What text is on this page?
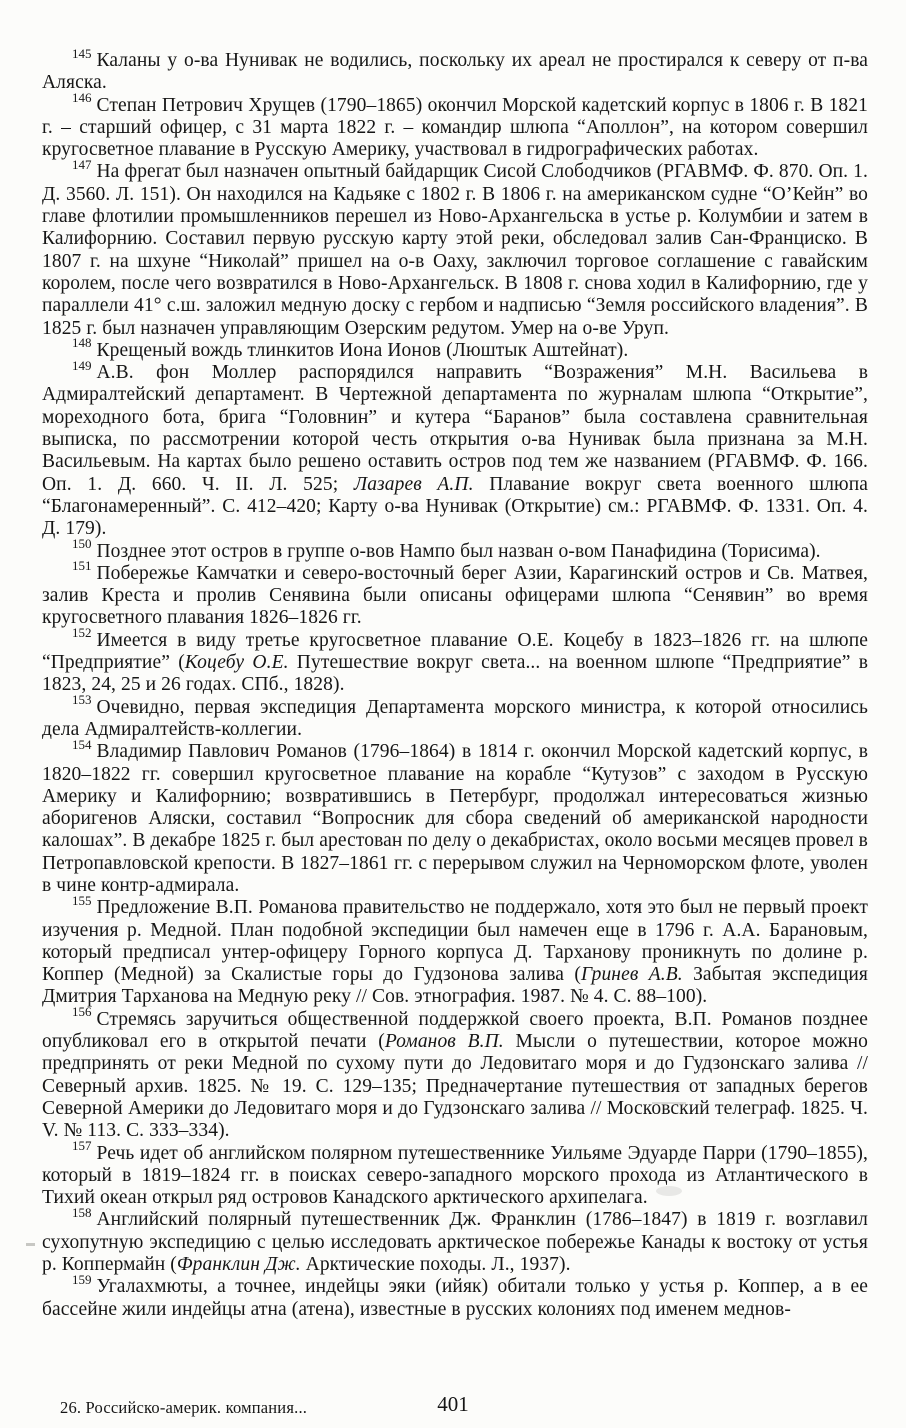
$^{145}$ Каланы у о-ва Нунивак не водились, поскольку их ареал не простирался к северу от п-ва Аляска.

$^{146}$ Степан Петрович Хрущев (1790–1865) окончил Морской кадетский корпус в 1806 г. В 1821 г. – старший офицер, с 31 марта 1822 г. – командир шлюпа “Аполлон”, на котором совершил кругосветное плавание в Русскую Америку, участвовал в гидрографических работах.

$^{147}$ На фрегат был назначен опытный байдарщик Сисой Слободчиков (РГАВМФ. Ф. 870. Оп. 1. Д. 3560. Л. 151). Он находился на Кадьяке с 1802 г. В 1806 г. на американском судне “О’Кейн” во главе флотилии промышленников перешел из Ново-Архангельска в устье р. Колумбии и затем в Калифорнию. Составил первую русскую карту этой реки, обследовал залив Сан-Франциско. В 1807 г. на шхуне “Николай” пришел на о-в Оаху, заключил торговое соглашение с гавайским королем, после чего возвратился в Ново-Архангельск. В 1808 г. снова ходил в Калифорнию, где у параллели 41° с.ш. заложил медную доску с гербом и надписью “Земля российского владения”. В 1825 г. был назначен управляющим Озерским редутом. Умер на о-ве Уруп.

$^{148}$ Крещеный вождь тлинкитов Иона Ионов (Люштык Аштейнат).

$^{149}$ А.В. фон Моллер распорядился направить “Возражения” М.Н. Васильева в Адмиралтейский департамент. В Чертежной департамента по журналам шлюпа “Открытие”, мореходного бота, брига “Головнин” и кутера “Баранов” была составлена сравнительная выписка, по рассмотрении которой честь открытия о-ва Нунивак была признана за М.Н. Васильевым. На картах было решено оставить остров под тем же названием (РГАВМФ. Ф. 166. Оп. 1. Д. 660. Ч. II. Л. 525; Лазарев А.П. Плавание вокруг света военного шлюпа “Благонамеренный”. С. 412–420; Карту о-ва Нунивак (Открытие) см.: РГАВМФ. Ф. 1331. Оп. 4. Д. 179).

$^{150}$ Позднее этот остров в группе о-вов Нампо был назван о-вом Панафидина (Торисима).

$^{151}$ Побережье Камчатки и северо-восточный берег Азии, Карагинский остров и Св. Матвея, залив Креста и пролив Сенявина были описаны офицерами шлюпа “Сенявин” во время кругосветного плавания 1826–1826 гг.

$^{152}$ Имеется в виду третье кругосветное плавание О.Е. Коцебу в 1823–1826 гг. на шлюпе “Предприятие” (Коцебу О.Е. Путешествие вокруг света... на военном шлюпе “Предприятие” в 1823, 24, 25 и 26 годах. СПб., 1828).

$^{153}$ Очевидно, первая экспедиция Департамента морского министра, к которой относились дела Адмиралтейств-коллегии.

$^{154}$ Владимир Павлович Романов (1796–1864) в 1814 г. окончил Морской кадетский корпус, в 1820–1822 гг. совершил кругосветное плавание на корабле “Кутузов” с заходом в Русскую Америку и Калифорнию; возвратившись в Петербург, продолжал интересоваться жизнью аборигенов Аляски, составил “Вопросник для сбора сведений об американской народности калошах”. В декабре 1825 г. был арестован по делу о декабристах, около восьми месяцев провел в Петропавловской крепости. В 1827–1861 гг. с перерывом служил на Черноморском флоте, уволен в чине контр-адмирала.

$^{155}$ Предложение В.П. Романова правительство не поддержало, хотя это был не первый проект изучения р. Медной. План подобной экспедиции был намечен еще в 1796 г. А.А. Барановым, который предписал унтер-офицеру Горного корпуса Д. Тарханову проникнуть по долине р. Коппер (Медной) за Скалистые горы до Гудзонова залива (Гринев А.В. Забытая экспедиция Дмитрия Тарханова на Медную реку // Сов. этнография. 1987. № 4. С. 88–100).

$^{156}$ Стремясь заручиться общественной поддержкой своего проекта, В.П. Романов позднее опубликовал его в открытой печати (Романов В.П. Мысли о путешествии, которое можно предпринять от реки Медной по сухому пути до Ледовитаго моря и до Гудзонскаго залива // Северный архив. 1825. № 19. С. 129–135; Предначертание путешествия от западных берегов Северной Америки до Ледовитаго моря и до Гудзонскаго залива // Московский телеграф. 1825. Ч. V. № 113. С. 333–334).

$^{157}$ Речь идет об английском полярном путешественнике Уильяме Эдуарде Парри (1790–1855), который в 1819–1824 гг. в поисках северо-западного морского прохода из Атлантического в Тихий океан открыл ряд островов Канадского арктического архипелага.

$^{158}$ Английский полярный путешественник Дж. Франклин (1786–1847) в 1819 г. возглавил сухопутную экспедицию с целью исследовать арктическое побережье Канады к востоку от устья р. Коппермайн (Франклин Дж. Арктические походы. Л., 1937).

$^{159}$ Угалахмюты, а точнее, индейцы эяки (ийяк) обитали только у устья р. Коппер, а в ее бассейне жили индейцы атна (атена), известные в русских колониях под именем меднов-

26. Российско-америк. компания...	401
